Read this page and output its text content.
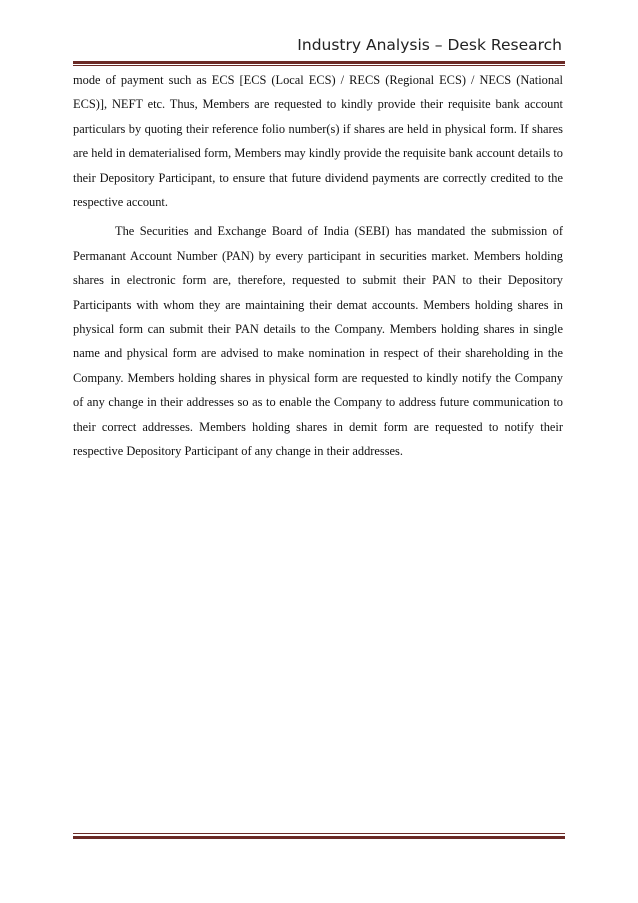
Industry Analysis – Desk Research

mode of payment such as ECS [ECS (Local ECS) / RECS (Regional ECS) / NECS (National ECS)], NEFT etc. Thus, Members are requested to kindly provide their requisite bank account particulars by quoting their reference folio number(s) if shares are held in physical form. If shares are held in dematerialised form, Members may kindly provide the requisite bank account details to their Depository Participant, to ensure that future dividend payments are correctly credited to the respective account.

The Securities and Exchange Board of India (SEBI) has mandated the submission of Permanant Account Number (PAN) by every participant in securities market. Members holding shares in electronic form are, therefore, requested to submit their PAN to their Depository Participants with whom they are maintaining their demat accounts. Members holding shares in physical form can submit their PAN details to the Company. Members holding shares in single name and physical form are advised to make nomination in respect of their shareholding in the Company. Members holding shares in physical form are requested to kindly notify the Company of any change in their addresses so as to enable the Company to address future communication to their correct addresses. Members holding shares in demit form are requested to notify their respective Depository Participant of any change in their addresses.
